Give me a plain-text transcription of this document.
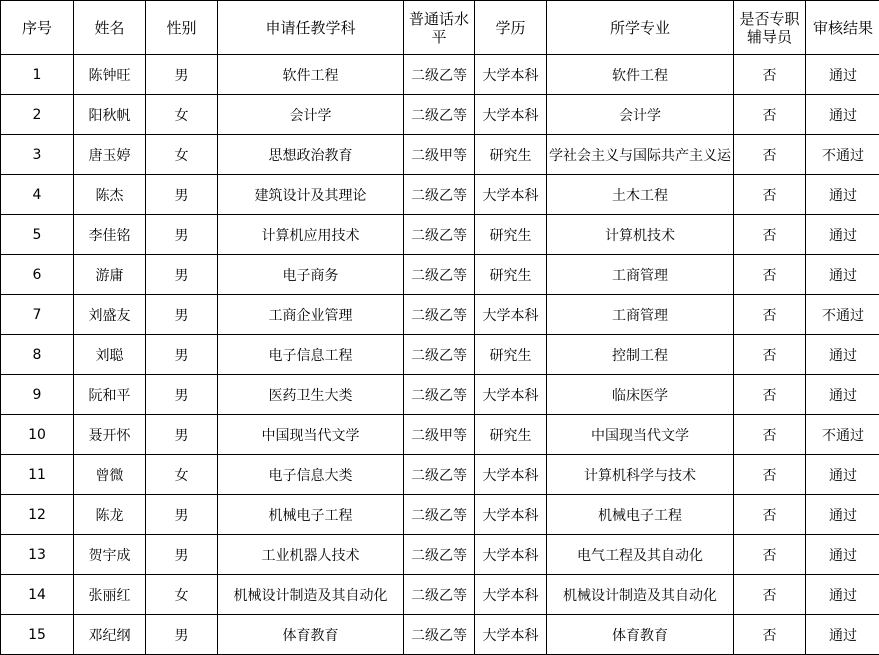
序号	姓名	性别	申请任教学科	普通话水平	学历	所学专业	是否专职辅导员	审核结果
1	陈钟旺	男	软件工程	二级乙等	大学本科	软件工程	否	通过
2	阳秋帆	女	会计学	二级乙等	大学本科	会计学	否	通过
3	唐玉婷	女	思想政治教育	二级甲等	研究生	学社会主义与国际共产主义运	否	不通过
4	陈杰	男	建筑设计及其理论	二级乙等	大学本科	土木工程	否	通过
5	李佳铭	男	计算机应用技术	二级乙等	研究生	计算机技术	否	通过
6	游庸	男	电子商务	二级乙等	研究生	工商管理	否	通过
7	刘盛友	男	工商企业管理	二级乙等	大学本科	工商管理	否	不通过
8	刘聪	男	电子信息工程	二级乙等	研究生	控制工程	否	通过
9	阮和平	男	医药卫生大类	二级乙等	大学本科	临床医学	否	通过
10	聂开怀	男	中国现当代文学	二级甲等	研究生	中国现当代文学	否	不通过
11	曾微	女	电子信息大类	二级乙等	大学本科	计算机科学与技术	否	通过
12	陈龙	男	机械电子工程	二级乙等	大学本科	机械电子工程	否	通过
13	贺宇成	男	工业机器人技术	二级乙等	大学本科	电气工程及其自动化	否	通过
14	张丽红	女	机械设计制造及其自动化	二级乙等	大学本科	机械设计制造及其自动化	否	通过
15	邓纪纲	男	体育教育	二级乙等	大学本科	体育教育	否	通过
